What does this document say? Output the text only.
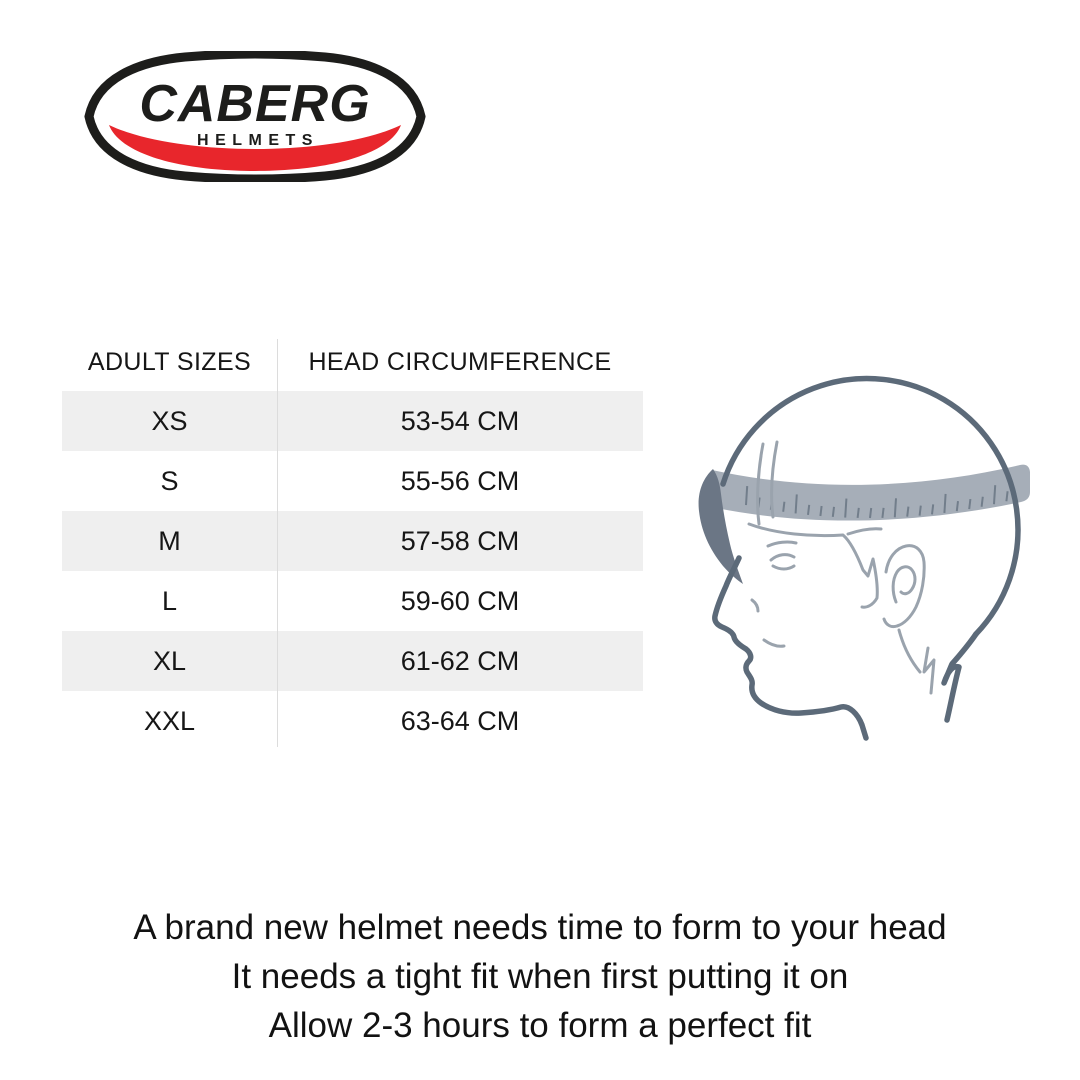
CABERG
HELMETS
ADULT SIZES	HEAD CIRCUMFERENCE
XS	53-54 CM
S	55-56 CM
M	57-58 CM
L	59-60 CM
XL	61-62 CM
XXL	63-64 CM
A brand new helmet needs time to form to your head
It needs a tight fit when first putting it on
Allow 2-3 hours to form a perfect fit
